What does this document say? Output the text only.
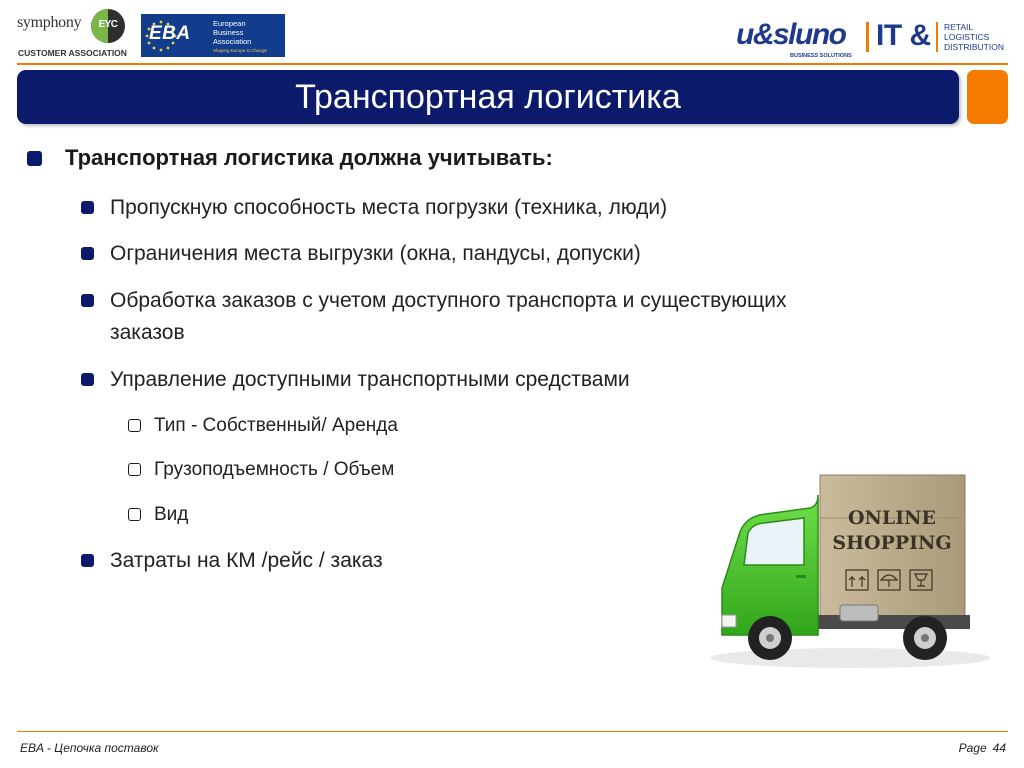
symphony	EYC
CUSTOMER ASSOCIATION
EBA	European
Business
Association
Shaping Europe in Change	u&sluno
BUSINESS SOLUTIONS
IT & RETAIL
LOGISTICS
DISTRIBUTION
Транспортная логистика
Транспортная логистика должна учитывать:
Пропускную способность места погрузки (техника, люди)
Ограничения места выгрузки (окна, пандусы, допуски)
Обработка заказов с учетом доступного транспорта и существующих
заказов
Управление доступными транспортными средствами
Тип - Собственный/ Аренда
Грузоподъемность / Объем
Вид
Затраты на КМ /рейс / заказ
ONLINE
SHOPPING
EBA - Цепочка поставок	Page 44
